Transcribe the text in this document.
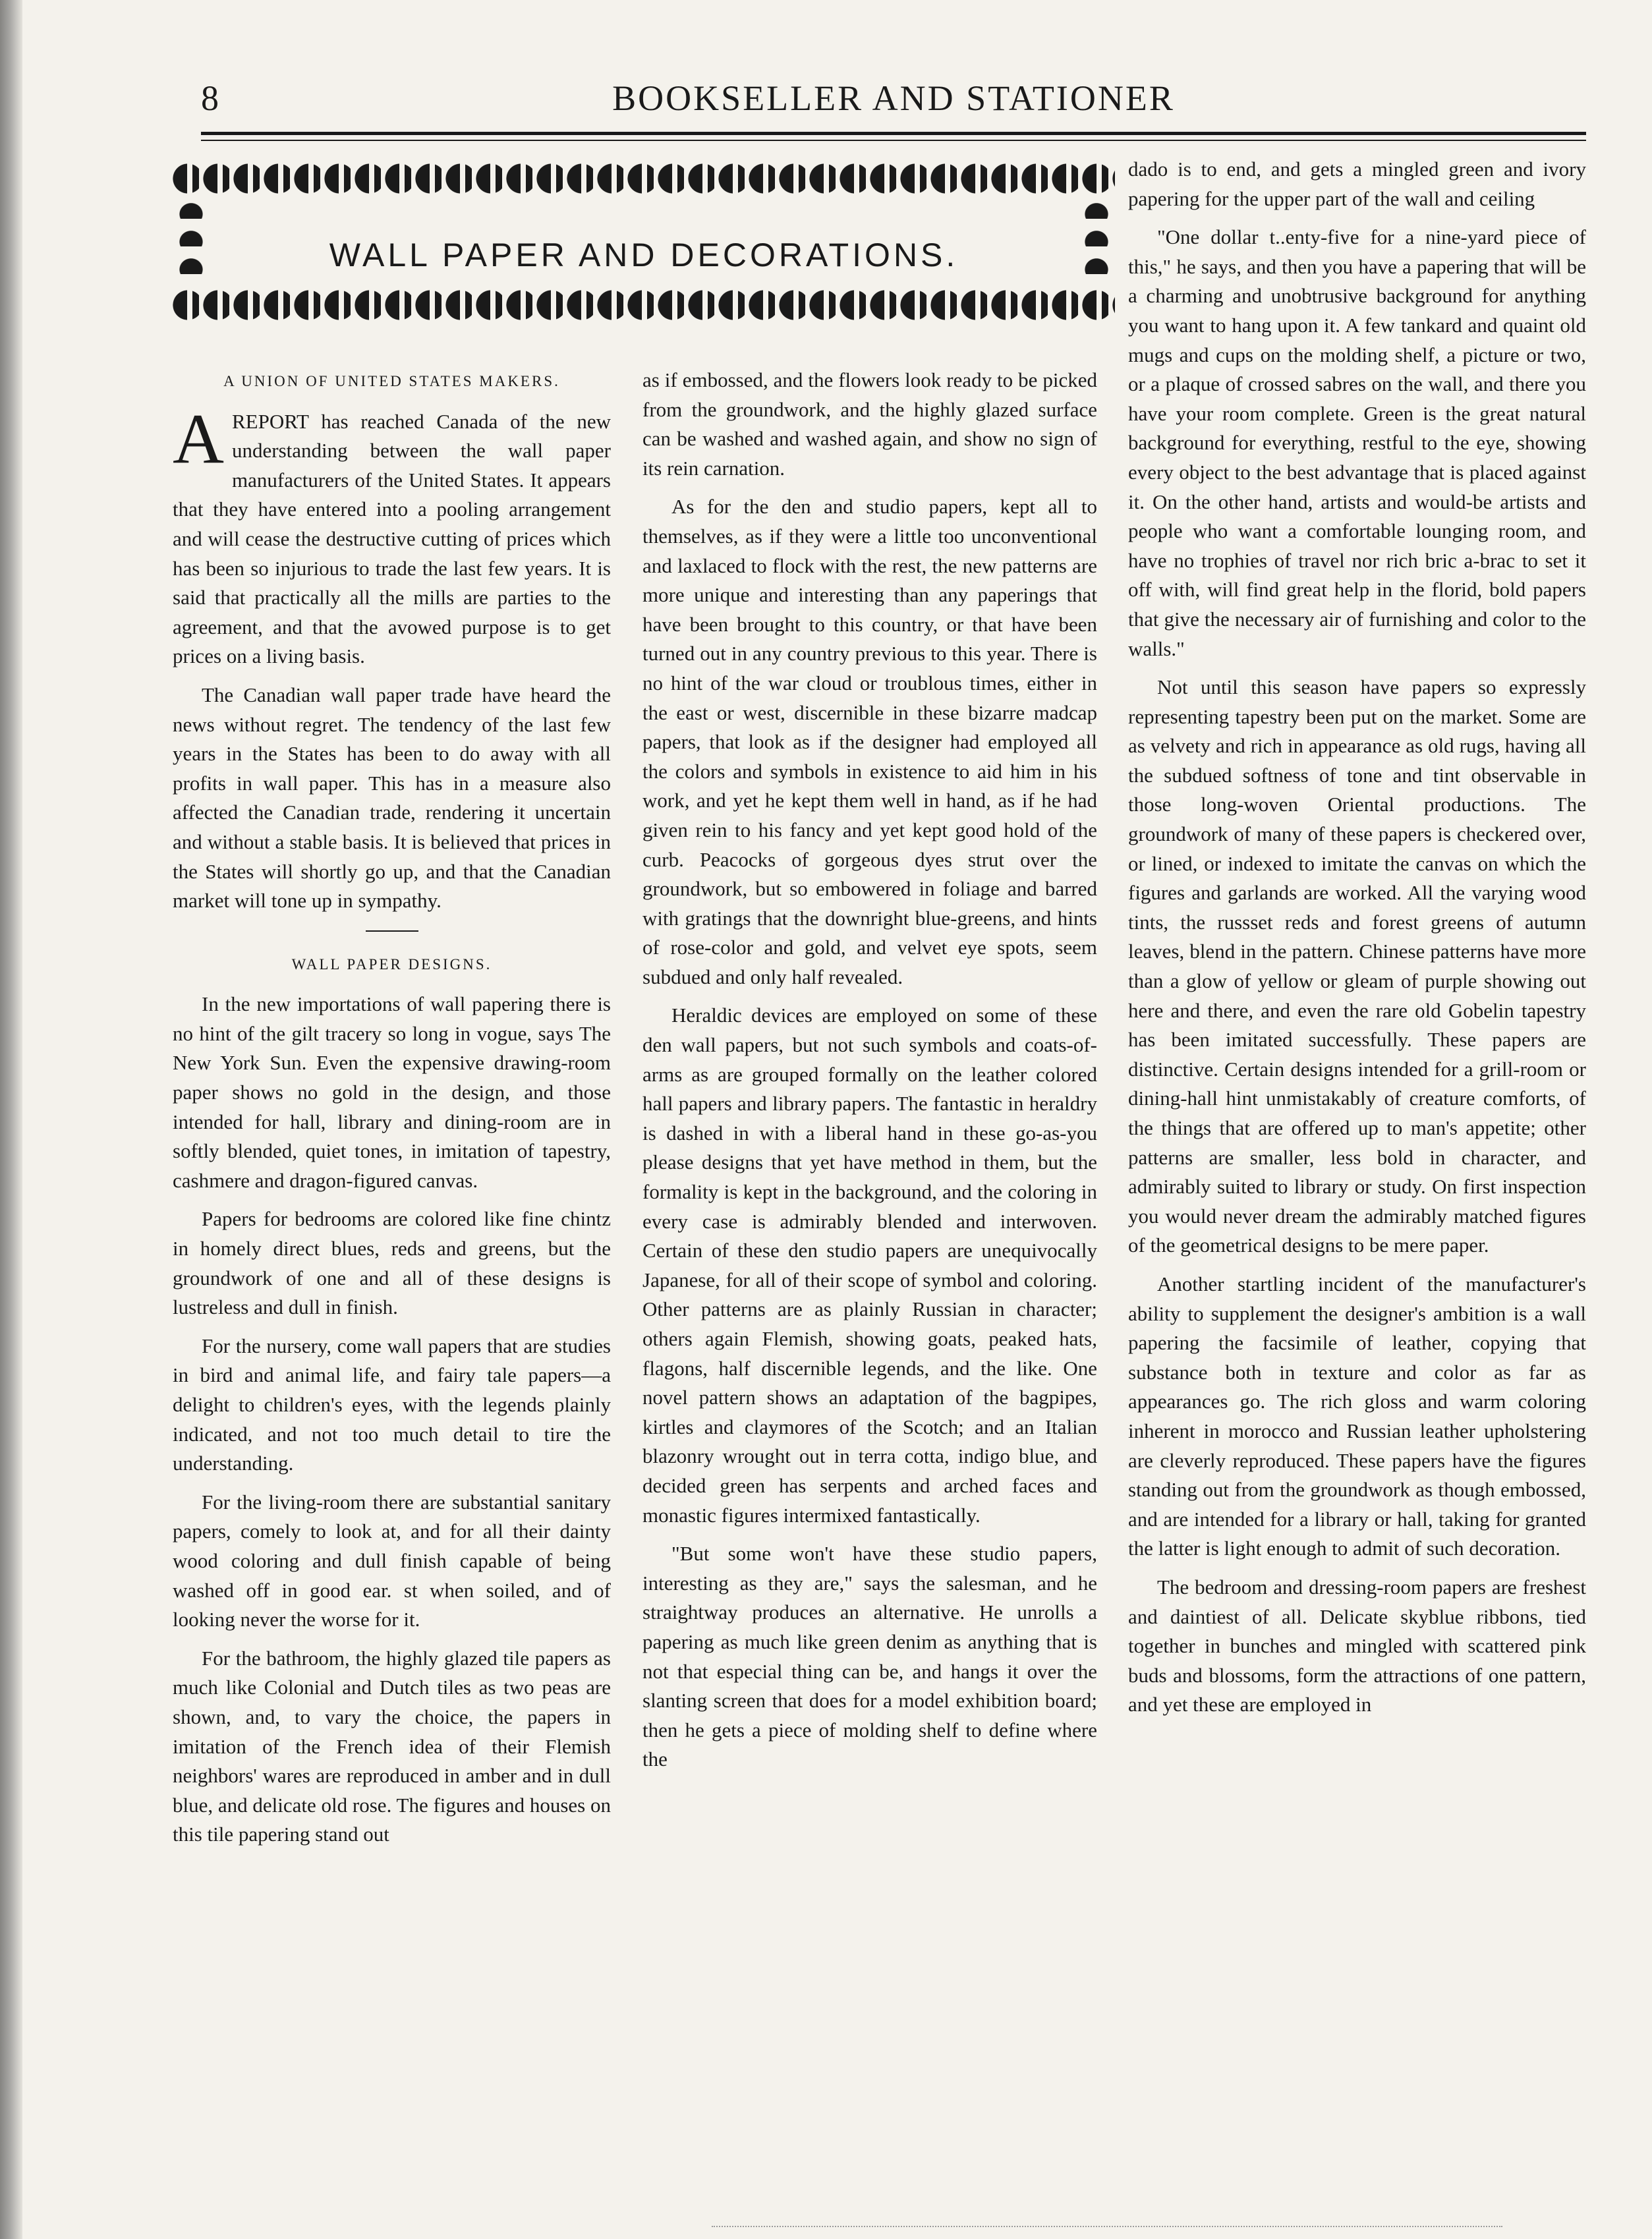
8	BOOKSELLER AND STATIONER
WALL PAPER AND DECORATIONS.
A UNION OF UNITED STATES MAKERS.

AREPORT has reached Canada of the new understanding between the wall paper manufacturers of the United States. It appears that they have entered into a pooling arrangement and will cease the destructive cutting of prices which has been so injurious to trade the last few years. It is said that practically all the mills are parties to the agreement, and that the avowed purpose is to get prices on a living basis.

The Canadian wall paper trade have heard the news without regret. The tendency of the last few years in the States has been to do away with all profits in wall paper. This has in a measure also affected the Canadian trade, rendering it uncertain and without a stable basis. It is believed that prices in the States will shortly go up, and that the Canadian market will tone up in sympathy.

WALL PAPER DESIGNS.

In the new importations of wall papering there is no hint of the gilt tracery so long in vogue, says The New York Sun. Even the expensive drawing-room paper shows no gold in the design, and those intended for hall, library and dining-room are in softly blended, quiet tones, in imitation of tapestry, cashmere and dragon-figured canvas.

Papers for bedrooms are colored like fine chintz in homely direct blues, reds and greens, but the groundwork of one and all of these designs is lustreless and dull in finish.

For the nursery, come wall papers that are studies in bird and animal life, and fairy tale papers—a delight to children's eyes, with the legends plainly indicated, and not too much detail to tire the understanding.

For the living-room there are substantial sanitary papers, comely to look at, and for all their dainty wood coloring and dull finish capable of being washed off in good ear. st when soiled, and of looking never the worse for it.

For the bathroom, the highly glazed tile papers as much like Colonial and Dutch tiles as two peas are shown, and, to vary the choice, the papers in imitation of the French idea of their Flemish neighbors' wares are reproduced in amber and in dull blue, and delicate old rose. The figures and houses on this tile papering stand out

as if embossed, and the flowers look ready to be picked from the groundwork, and the highly glazed surface can be washed and washed again, and show no sign of its rein carnation.

As for the den and studio papers, kept all to themselves, as if they were a little too unconventional and laxlaced to flock with the rest, the new patterns are more unique and interesting than any paperings that have been brought to this country, or that have been turned out in any country previous to this year. There is no hint of the war cloud or troublous times, either in the east or west, discernible in these bizarre madcap papers, that look as if the designer had employed all the colors and symbols in existence to aid him in his work, and yet he kept them well in hand, as if he had given rein to his fancy and yet kept good hold of the curb. Peacocks of gorgeous dyes strut over the groundwork, but so embowered in foliage and barred with gratings that the downright blue-greens, and hints of rose-color and gold, and velvet eye spots, seem subdued and only half revealed.

Heraldic devices are employed on some of these den wall papers, but not such symbols and coats-of-arms as are grouped formally on the leather colored hall papers and library papers. The fantastic in heraldry is dashed in with a liberal hand in these go-as-you please designs that yet have method in them, but the formality is kept in the background, and the coloring in every case is admirably blended and interwoven. Certain of these den studio papers are unequivocally Japanese, for all of their scope of symbol and coloring. Other patterns are as plainly Russian in character; others again Flemish, showing goats, peaked hats, flagons, half discernible legends, and the like. One novel pattern shows an adaptation of the bagpipes, kirtles and claymores of the Scotch; and an Italian blazonry wrought out in terra cotta, indigo blue, and decided green has serpents and arched faces and monastic figures intermixed fantastically.

"But some won't have these studio papers, interesting as they are," says the salesman, and he straightway produces an alternative. He unrolls a papering as much like green denim as anything that is not that especial thing can be, and hangs it over the slanting screen that does for a model exhibition board; then he gets a piece of molding shelf to define where the

dado is to end, and gets a mingled green and ivory papering for the upper part of the wall and ceiling

"One dollar t..enty-five for a nine-yard piece of this," he says, and then you have a papering that will be a charming and unobtrusive background for anything you want to hang upon it. A few tankard and quaint old mugs and cups on the molding shelf, a picture or two, or a plaque of crossed sabres on the wall, and there you have your room complete. Green is the great natural background for everything, restful to the eye, showing every object to the best advantage that is placed against it. On the other hand, artists and would-be artists and people who want a comfortable lounging room, and have no trophies of travel nor rich bric a-brac to set it off with, will find great help in the florid, bold papers that give the necessary air of furnishing and color to the walls."

Not until this season have papers so expressly representing tapestry been put on the market. Some are as velvety and rich in appearance as old rugs, having all the subdued softness of tone and tint observable in those long-woven Oriental productions. The groundwork of many of these papers is checkered over, or lined, or indexed to imitate the canvas on which the figures and garlands are worked. All the varying wood tints, the russset reds and forest greens of autumn leaves, blend in the pattern. Chinese patterns have more than a glow of yellow or gleam of purple showing out here and there, and even the rare old Gobelin tapestry has been imitated successfully. These papers are distinctive. Certain designs intended for a grill-room or dining-hall hint unmistakably of creature comforts, of the things that are offered up to man's appetite; other patterns are smaller, less bold in character, and admirably suited to library or study. On first inspection you would never dream the admirably matched figures of the geometrical designs to be mere paper.

Another startling incident of the manufacturer's ability to supplement the designer's ambition is a wall papering the facsimile of leather, copying that substance both in texture and color as far as appearances go. The rich gloss and warm coloring inherent in morocco and Russian leather upholstering are cleverly reproduced. These papers have the figures standing out from the groundwork as though embossed, and are intended for a library or hall, taking for granted the latter is light enough to admit of such decoration.

The bedroom and dressing-room papers are freshest and daintiest of all. Delicate skyblue ribbons, tied together in bunches and mingled with scattered pink buds and blossoms, form the attractions of one pattern, and yet these are employed in
